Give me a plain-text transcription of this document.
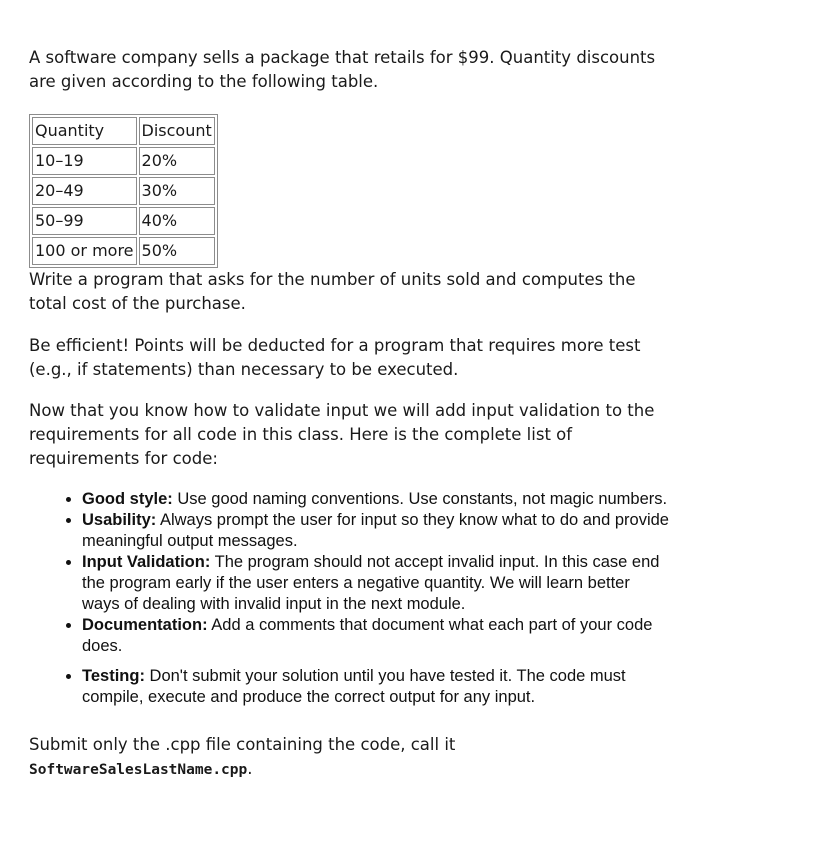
A software company sells a package that retails for $99. Quantity discounts are given according to the following table.

Quantity	Discount
10–19	20%
20–49	30%
50–99	40%
100 or more	50%

Write a program that asks for the number of units sold and computes the total cost of the purchase.

Be efficient! Points will be deducted for a program that requires more test (e.g., if statements) than necessary to be executed.

Now that you know how to validate input we will add input validation to the requirements for all code in this class. Here is the complete list of requirements for code:

• Good style: Use good naming conventions. Use constants, not magic numbers.
• Usability: Always prompt the user for input so they know what to do and provide meaningful output messages.
• Input Validation: The program should not accept invalid input. In this case end the program early if the user enters a negative quantity. We will learn better ways of dealing with invalid input in the next module.
• Documentation: Add a comments that document what each part of your code does.
• Testing: Don't submit your solution until you have tested it. The code must compile, execute and produce the correct output for any input.

Submit only the .cpp file containing the code, call it SoftwareSalesLastName.cpp.
